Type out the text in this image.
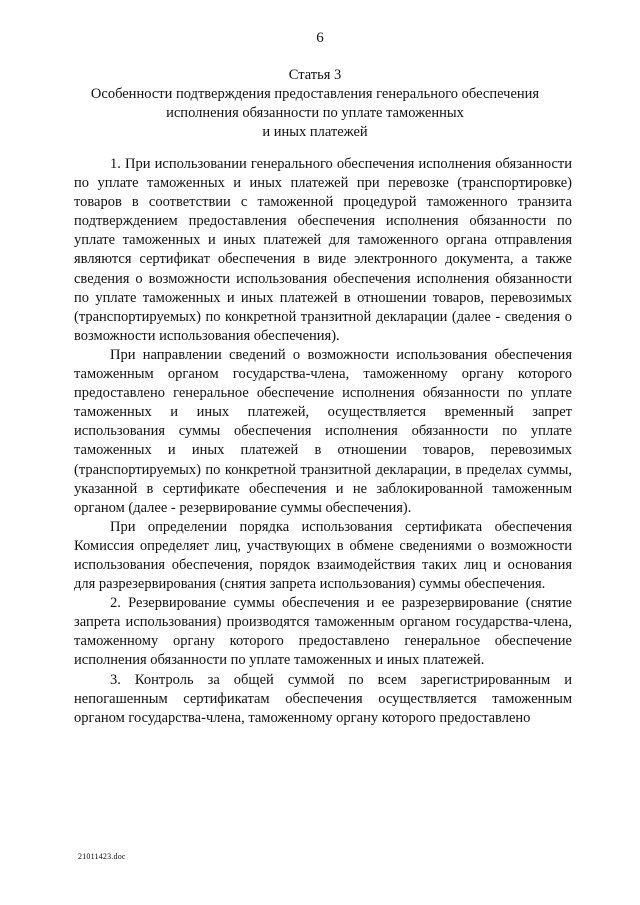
6
Статья 3
Особенности подтверждения предоставления генерального обеспечения
исполнения обязанности по уплате таможенных
и иных платежей

1. При использовании генерального обеспечения исполнения обязанности по уплате таможенных и иных платежей при перевозке (транспортировке) товаров в соответствии с таможенной процедурой таможенного транзита подтверждением предоставления обеспечения исполнения обязанности по уплате таможенных и иных платежей для таможенного органа отправления являются сертификат обеспечения в виде электронного документа, а также сведения о возможности использования обеспечения исполнения обязанности по уплате таможенных и иных платежей в отношении товаров, перевозимых (транспортируемых) по конкретной транзитной декларации (далее - сведения о возможности использования обеспечения).

При направлении сведений о возможности использования обеспечения таможенным органом государства-члена, таможенному органу которого предоставлено генеральное обеспечение исполнения обязанности по уплате таможенных и иных платежей, осуществляется временный запрет использования суммы обеспечения исполнения обязанности по уплате таможенных и иных платежей в отношении товаров, перевозимых (транспортируемых) по конкретной транзитной декларации, в пределах суммы, указанной в сертификате обеспечения и не заблокированной таможенным органом (далее - резервирование суммы обеспечения).

При определении порядка использования сертификата обеспечения Комиссия определяет лиц, участвующих в обмене сведениями о возможности использования обеспечения, порядок взаимодействия таких лиц и основания для разрезервирования (снятия запрета использования) суммы обеспечения.

2. Резервирование суммы обеспечения и ее разрезервирование (снятие запрета использования) производятся таможенным органом государства-члена, таможенному органу которого предоставлено генеральное обеспечение исполнения обязанности по уплате таможенных и иных платежей.

3. Контроль за общей суммой по всем зарегистрированным и непогашенным сертификатам обеспечения осуществляется таможенным органом государства-члена, таможенному органу которого предоставлено

21011423.doc
